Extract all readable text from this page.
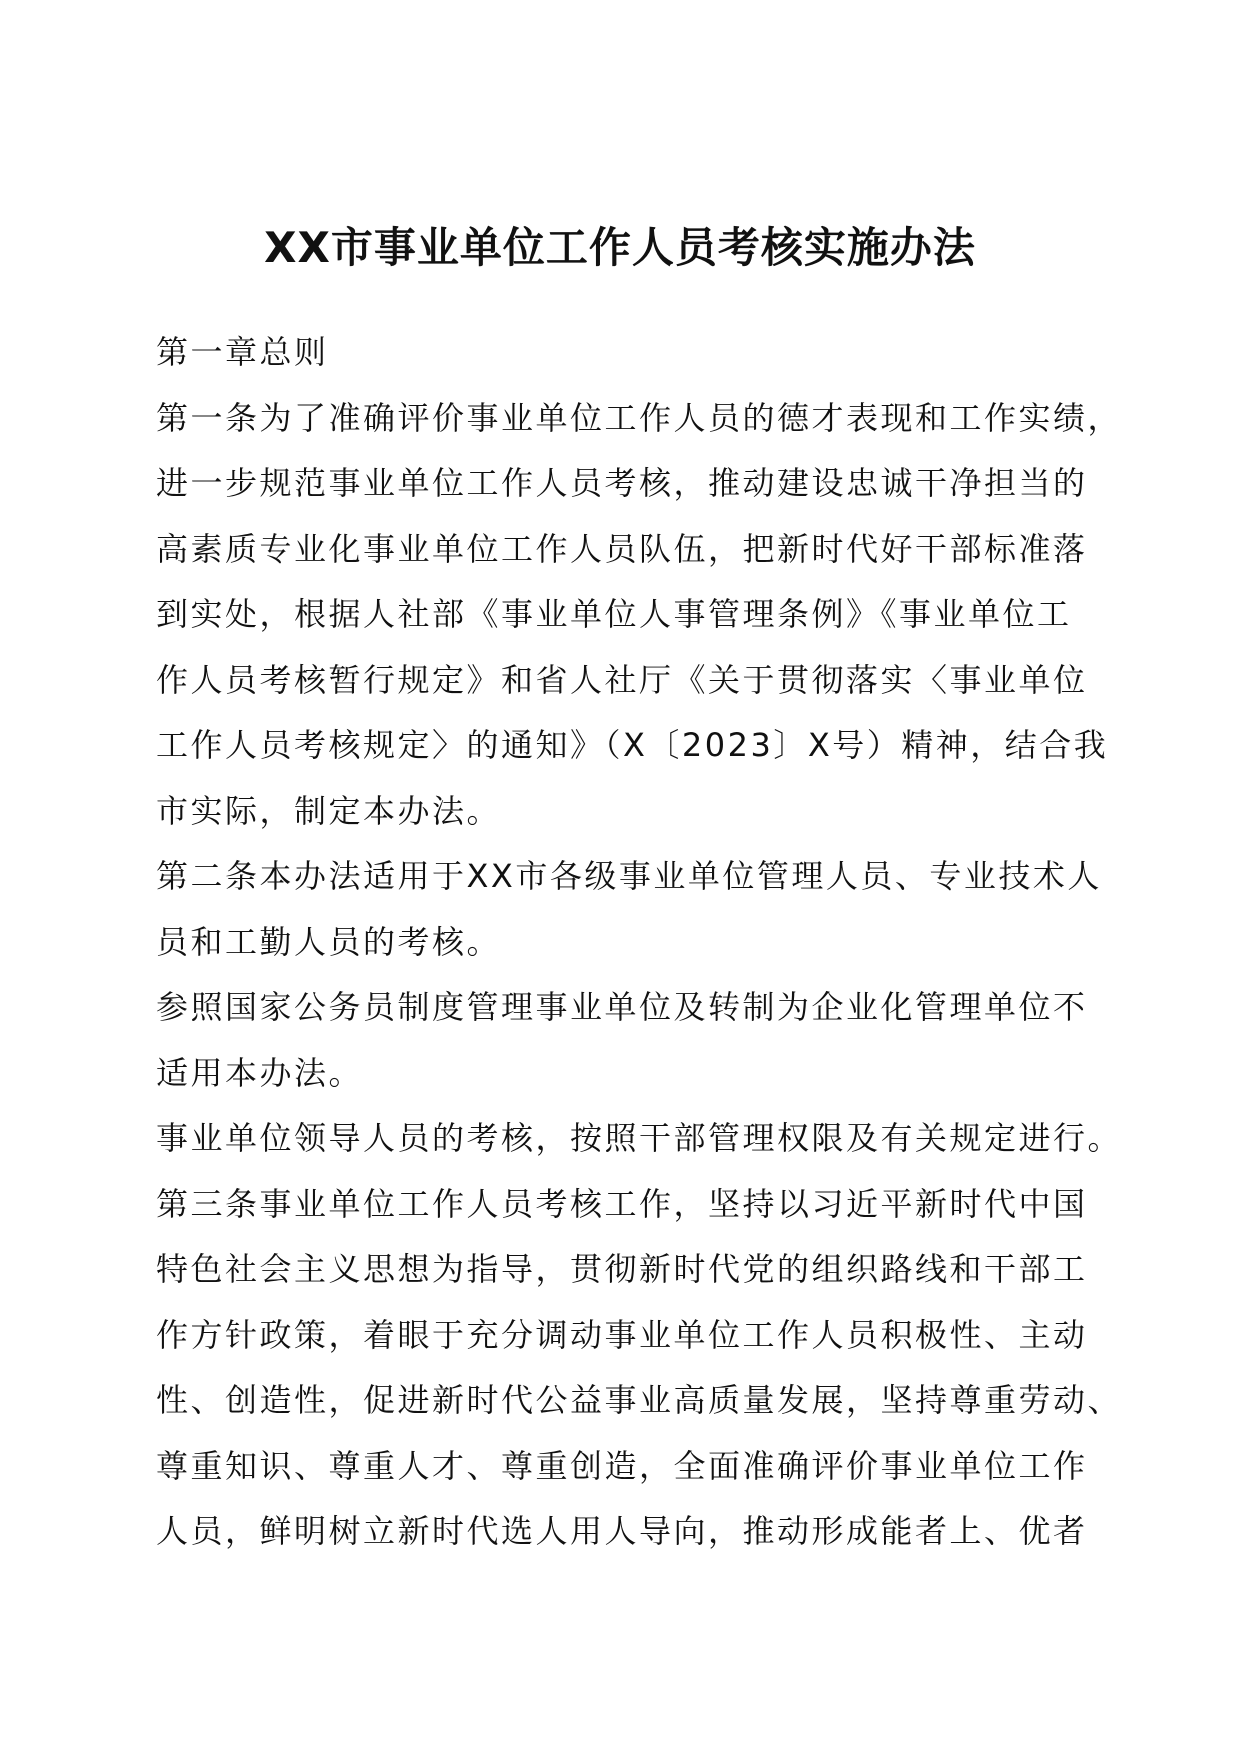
XX市事业单位工作人员考核实施办法
第一章总则
第一条为了准确评价事业单位工作人员的德才表现和工作实绩，
进一步规范事业单位工作人员考核，推动建设忠诚干净担当的
高素质专业化事业单位工作人员队伍，把新时代好干部标准落
到实处，根据人社部《事业单位人事管理条例》《事业单位工
作人员考核暂行规定》和省人社厅《关于贯彻落实〈事业单位
工作人员考核规定〉的通知》（X〔2023〕X号）精神，结合我
市实际，制定本办法。
第二条本办法适用于XX市各级事业单位管理人员、专业技术人
员和工勤人员的考核。
参照国家公务员制度管理事业单位及转制为企业化管理单位不
适用本办法。
事业单位领导人员的考核，按照干部管理权限及有关规定进行。
第三条事业单位工作人员考核工作，坚持以习近平新时代中国
特色社会主义思想为指导，贯彻新时代党的组织路线和干部工
作方针政策，着眼于充分调动事业单位工作人员积极性、主动
性、创造性，促进新时代公益事业高质量发展，坚持尊重劳动、
尊重知识、尊重人才、尊重创造，全面准确评价事业单位工作
人员，鲜明树立新时代选人用人导向，推动形成能者上、优者
